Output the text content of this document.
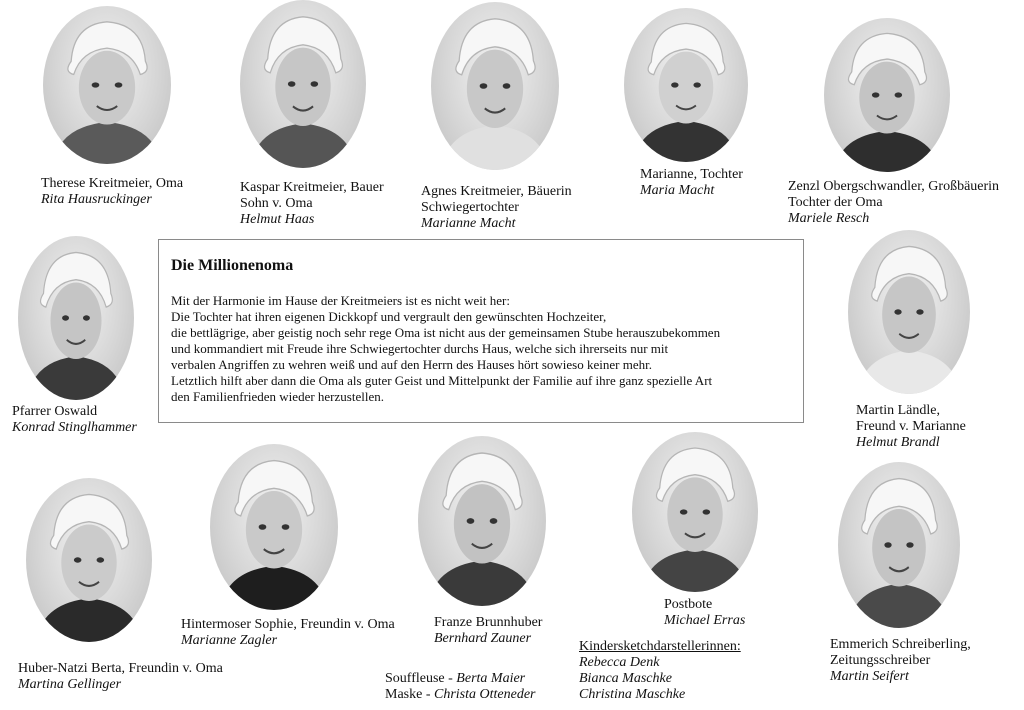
Therese Kreitmeier, Oma
Rita Hausruckinger
Kaspar Kreitmeier, Bauer
Sohn v. Oma
Helmut Haas
Agnes Kreitmeier, Bäuerin
Schwiegertochter
Marianne Macht
Marianne, Tochter
Maria Macht	Zenzl Obergschwandler, Großbäuerin
Tochter der Oma
Mariele Resch
Pfarrer Oswald
Konrad Stinglhammer
Martin Ländle,
Freund v. Marianne
Helmut Brandl
Huber-Natzi Berta, Freundin v. Oma
Martina Gellinger
Hintermoser Sophie, Freundin v. Oma
Marianne Zagler
Franze Brunnhuber
Bernhard Zauner
Postbote
Michael Erras
Emmerich Schreiberling,
Zeitungsschreiber
Martin Seifert
Kindersketchdarstellerinnen:
Rebecca Denk
Bianca Maschke
Christina Maschke
Souffleuse - Berta Maier
Maske - Christa Otteneder
Die Millionenoma
Mit der Harmonie im Hause der Kreitmeiers ist es nicht weit her:
Die Tochter hat ihren eigenen Dickkopf und vergrault den gewünschten Hochzeiter,
die bettlägrige, aber geistig noch sehr rege Oma ist nicht aus der gemeinsamen Stube herauszubekommen
und kommandiert mit Freude ihre Schwiegertochter durchs Haus, welche sich ihrerseits nur mit
verbalen Angriffen zu wehren weiß und auf den Herrn des Hauses hört sowieso keiner mehr.
Letztlich hilft aber dann die Oma als guter Geist und Mittelpunkt der Familie auf ihre ganz spezielle Art
den Familienfrieden wieder herzustellen.
